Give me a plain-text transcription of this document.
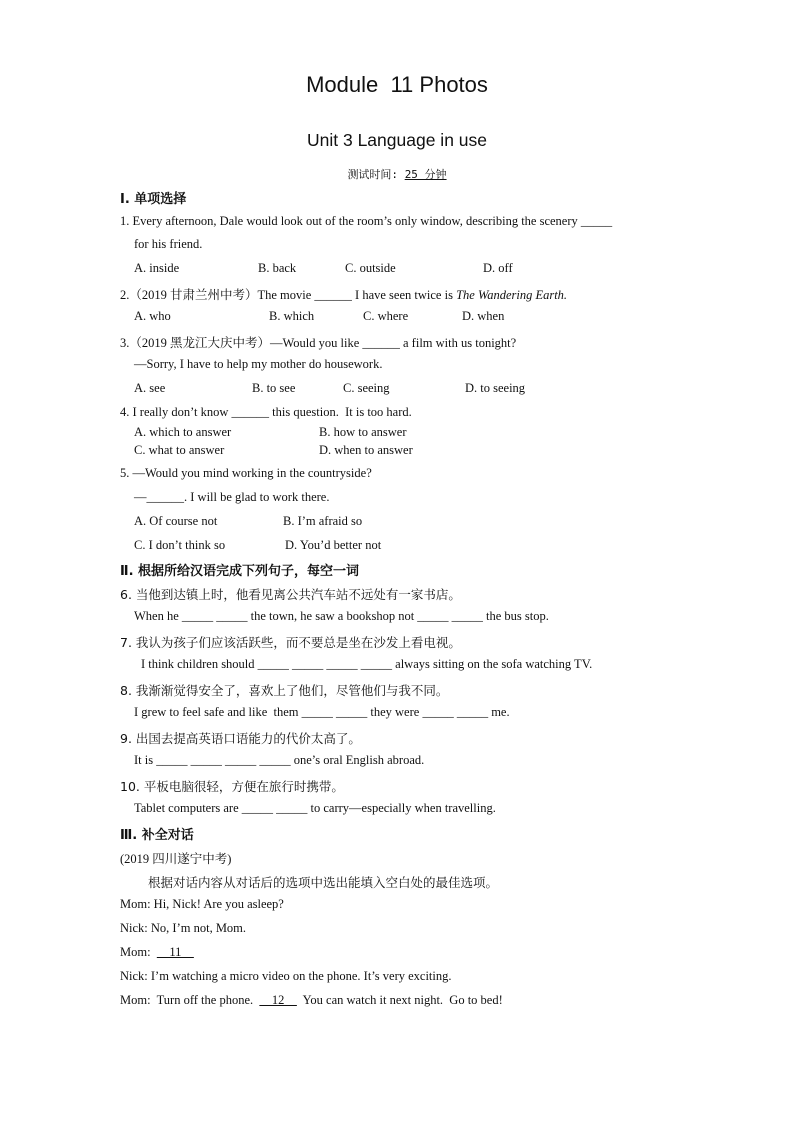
Module  11 Photos
Unit 3 Language in use
测试时间: 25 分钟
Ⅰ. 单项选择
1. Every afternoon, Dale would look out of the room’s only window, describing the scenery _____
for his friend.
A. inside	B. back	C. outside	D. off
2.（2019 甘肃兰州中考）The movie ______ I have seen twice is The Wandering Earth.
A. who	B. which	C. where	D. when
3.（2019 黑龙江大庆中考）—Would you like ______ a film with us tonight?
—Sorry, I have to help my mother do housework.
A. see	B. to see	C. seeing	D. to seeing
4. I really don’t know ______ this question.  It is too hard.
A. which to answer	B. how to answer
C. what to answer	D. when to answer
5. —Would you mind working in the countryside?
—______. I will be glad to work there.
A. Of course not	B. I’m afraid so
C. I don’t think so	D. You’d better not
Ⅱ. 根据所给汉语完成下列句子，每空一词
6. 当他到达镇上时，他看见离公共汽车站不远处有一家书店。
When he _____ _____ the town, he saw a bookshop not _____ _____ the bus stop.
7. 我认为孩子们应该活跃些，而不要总是坐在沙发上看电视。
I think children should _____ _____ _____ _____ always sitting on the sofa watching TV.
8. 我渐渐觉得安全了，喜欢上了他们，尽管他们与我不同。
I grew to feel safe and like  them _____ _____ they were _____ _____ me.
9. 出国去提高英语口语能力的代价太高了。
It is _____ _____ _____ _____ one’s oral English abroad.
10. 平板电脑很轻，方便在旅行时携带。
Tablet computers are _____ _____ to carry—especially when travelling.
Ⅲ. 补全对话
(2019 四川遂宁中考)
根据对话内容从对话后的选项中选出能填入空白处的最佳选项。
Mom: Hi, Nick! Are you asleep?
Nick: No, I’m not, Mom.
Mom:      11
Nick: I’m watching a micro video on the phone. It’s very exciting.
Mom:  Turn off the phone.      12      You can watch it next night.  Go to bed!
